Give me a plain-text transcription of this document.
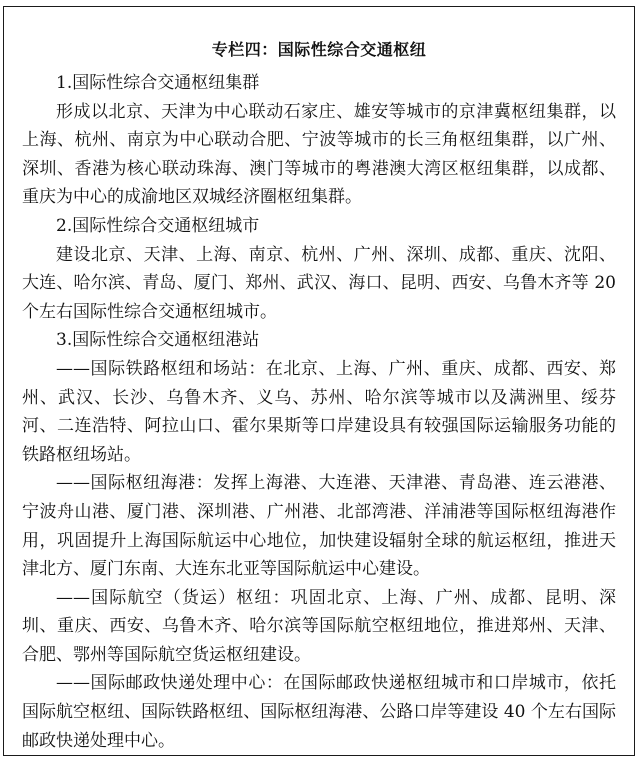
专栏四：国际性综合交通枢纽

1.国际性综合交通枢纽集群

形成以北京、天津为中心联动石家庄、雄安等城市的京津冀枢纽集群，以上海、杭州、南京为中心联动合肥、宁波等城市的长三角枢纽集群，以广州、深圳、香港为核心联动珠海、澳门等城市的粤港澳大湾区枢纽集群，以成都、重庆为中心的成渝地区双城经济圈枢纽集群。

2.国际性综合交通枢纽城市

建设北京、天津、上海、南京、杭州、广州、深圳、成都、重庆、沈阳、大连、哈尔滨、青岛、厦门、郑州、武汉、海口、昆明、西安、乌鲁木齐等 20 个左右国际性综合交通枢纽城市。

3.国际性综合交通枢纽港站

——国际铁路枢纽和场站：在北京、上海、广州、重庆、成都、西安、郑州、武汉、长沙、乌鲁木齐、义乌、苏州、哈尔滨等城市以及满洲里、绥芬河、二连浩特、阿拉山口、霍尔果斯等口岸建设具有较强国际运输服务功能的铁路枢纽场站。

——国际枢纽海港：发挥上海港、大连港、天津港、青岛港、连云港港、宁波舟山港、厦门港、深圳港、广州港、北部湾港、洋浦港等国际枢纽海港作用，巩固提升上海国际航运中心地位，加快建设辐射全球的航运枢纽，推进天津北方、厦门东南、大连东北亚等国际航运中心建设。

——国际航空（货运）枢纽：巩固北京、上海、广州、成都、昆明、深圳、重庆、西安、乌鲁木齐、哈尔滨等国际航空枢纽地位，推进郑州、天津、合肥、鄂州等国际航空货运枢纽建设。

——国际邮政快递处理中心：在国际邮政快递枢纽城市和口岸城市，依托国际航空枢纽、国际铁路枢纽、国际枢纽海港、公路口岸等建设 40 个左右国际邮政快递处理中心。
